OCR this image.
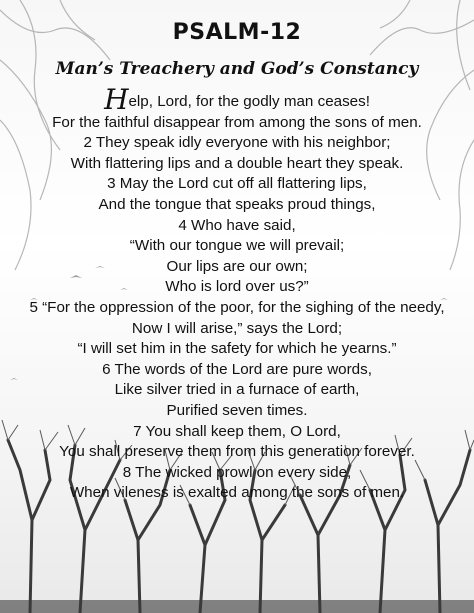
PSALM-12
Man’s Treachery and God’s Constancy
Help, Lord, for the godly man ceases!
For the faithful disappear from among the sons of men.
2 They speak idly everyone with his neighbor;
With flattering lips and a double heart they speak.
3 May the Lord cut off all flattering lips,
And the tongue that speaks proud things,
4 Who have said,
“With our tongue we will prevail;
Our lips are our own;
Who is lord over us?”
5 “For the oppression of the poor, for the sighing of the needy,
Now I will arise,” says the Lord;
“I will set him in the safety for which he yearns.”
6 The words of the Lord are pure words,
Like silver tried in a furnace of earth,
Purified seven times.
7 You shall keep them, O Lord,
You shall preserve them from this generation forever.
8 The wicked prowl on every side,
When vileness is exalted among the sons of men.
